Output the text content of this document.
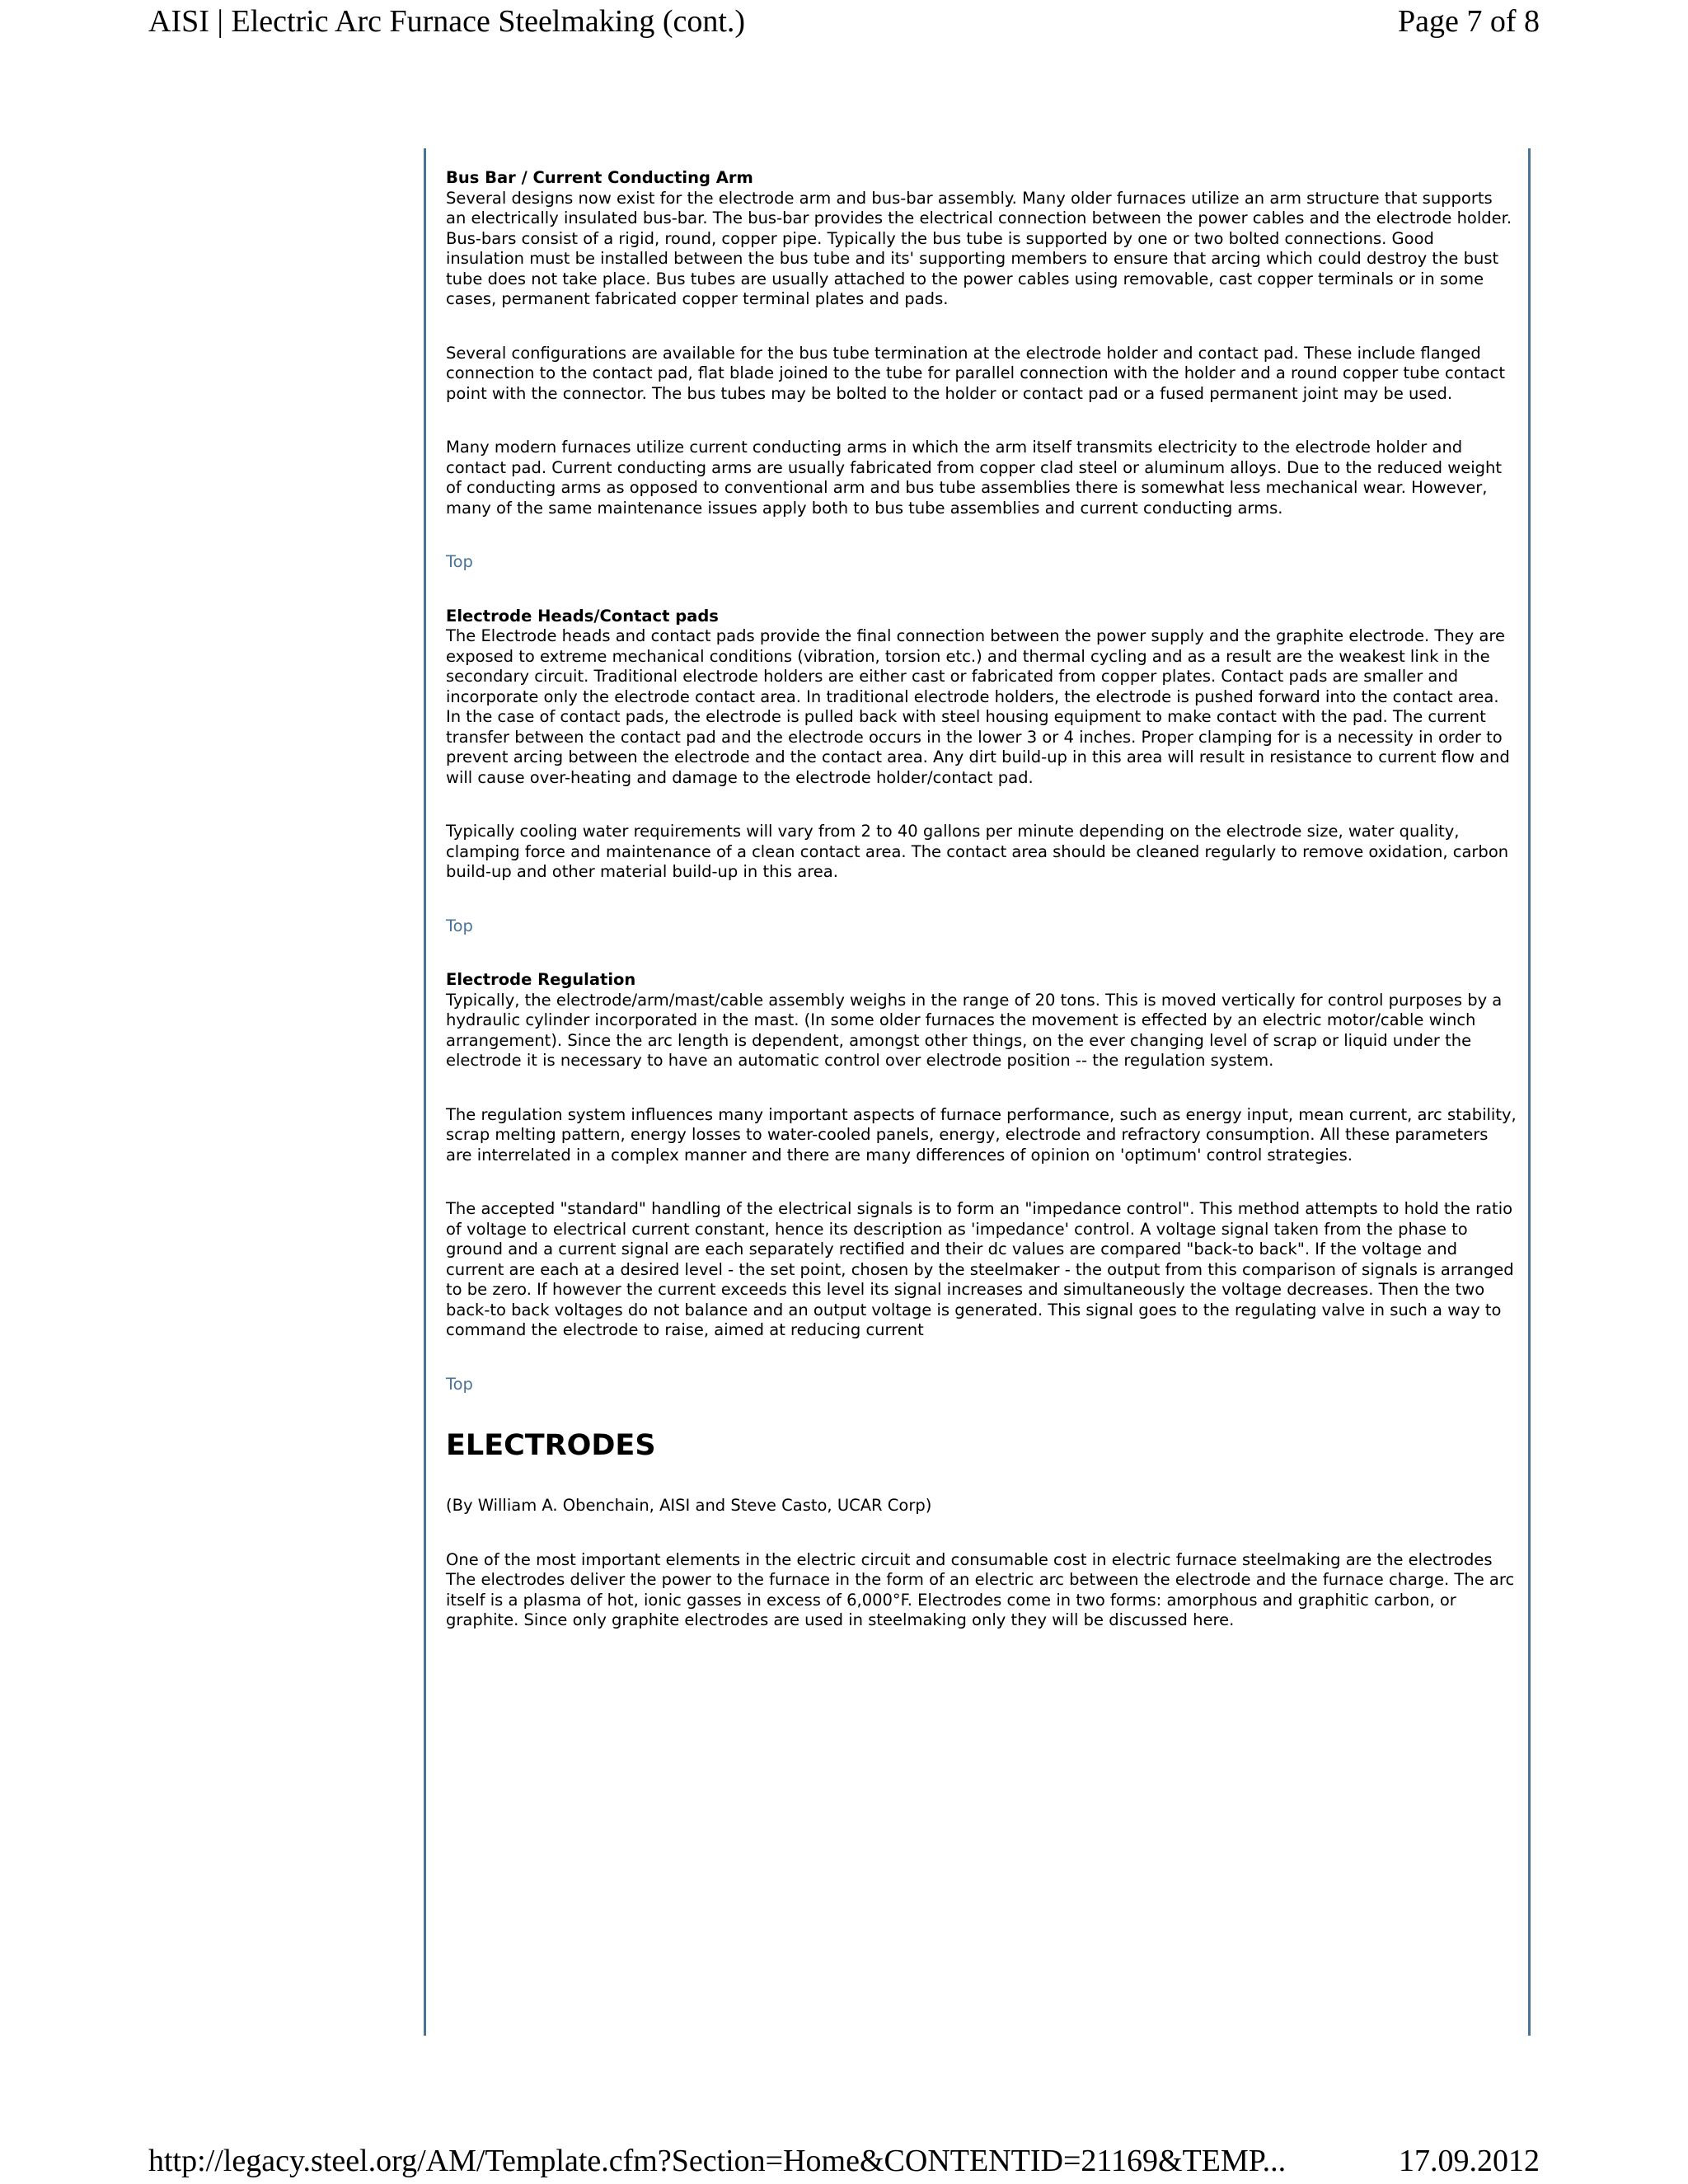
AISI | Electric Arc Furnace Steelmaking (cont.)	Page 7 of 8

Bus Bar / Current Conducting Arm

Several designs now exist for the electrode arm and bus-bar assembly. Many older furnaces utilize an arm structure that supports an electrically insulated bus-bar. The bus-bar provides the electrical connection between the power cables and the electrode holder. Bus-bars consist of a rigid, round, copper pipe. Typically the bus tube is supported by one or two bolted connections. Good insulation must be installed between the bus tube and its' supporting members to ensure that arcing which could destroy the bust tube does not take place. Bus tubes are usually attached to the power cables using removable, cast copper terminals or in some cases, permanent fabricated copper terminal plates and pads.

Several configurations are available for the bus tube termination at the electrode holder and contact pad. These include flanged connection to the contact pad, flat blade joined to the tube for parallel connection with the holder and a round copper tube contact point with the connector. The bus tubes may be bolted to the holder or contact pad or a fused permanent joint may be used.

Many modern furnaces utilize current conducting arms in which the arm itself transmits electricity to the electrode holder and contact pad. Current conducting arms are usually fabricated from copper clad steel or aluminum alloys. Due to the reduced weight of conducting arms as opposed to conventional arm and bus tube assemblies there is somewhat less mechanical wear. However, many of the same maintenance issues apply both to bus tube assemblies and current conducting arms.

Top

Electrode Heads/Contact pads

The Electrode heads and contact pads provide the final connection between the power supply and the graphite electrode. They are exposed to extreme mechanical conditions (vibration, torsion etc.) and thermal cycling and as a result are the weakest link in the secondary circuit. Traditional electrode holders are either cast or fabricated from copper plates. Contact pads are smaller and incorporate only the electrode contact area. In traditional electrode holders, the electrode is pushed forward into the contact area. In the case of contact pads, the electrode is pulled back with steel housing equipment to make contact with the pad. The current transfer between the contact pad and the electrode occurs in the lower 3 or 4 inches. Proper clamping for is a necessity in order to prevent arcing between the electrode and the contact area. Any dirt build-up in this area will result in resistance to current flow and will cause over-heating and damage to the electrode holder/contact pad.

Typically cooling water requirements will vary from 2 to 40 gallons per minute depending on the electrode size, water quality, clamping force and maintenance of a clean contact area. The contact area should be cleaned regularly to remove oxidation, carbon build-up and other material build-up in this area.

Top

Electrode Regulation

Typically, the electrode/arm/mast/cable assembly weighs in the range of 20 tons. This is moved vertically for control purposes by a hydraulic cylinder incorporated in the mast. (In some older furnaces the movement is effected by an electric motor/cable winch arrangement). Since the arc length is dependent, amongst other things, on the ever changing level of scrap or liquid under the electrode it is necessary to have an automatic control over electrode position -- the regulation system.

The regulation system influences many important aspects of furnace performance, such as energy input, mean current, arc stability, scrap melting pattern, energy losses to water-cooled panels, energy, electrode and refractory consumption. All these parameters are interrelated in a complex manner and there are many differences of opinion on 'optimum' control strategies.

The accepted "standard" handling of the electrical signals is to form an "impedance control". This method attempts to hold the ratio of voltage to electrical current constant, hence its description as 'impedance' control. A voltage signal taken from the phase to ground and a current signal are each separately rectified and their dc values are compared "back-to back". If the voltage and current are each at a desired level - the set point, chosen by the steelmaker - the output from this comparison of signals is arranged to be zero. If however the current exceeds this level its signal increases and simultaneously the voltage decreases. Then the two back-to back voltages do not balance and an output voltage is generated. This signal goes to the regulating valve in such a way to command the electrode to raise, aimed at reducing current

Top
ELECTRODES

(By William A. Obenchain, AISI and Steve Casto, UCAR Corp)

One of the most important elements in the electric circuit and consumable cost in electric furnace steelmaking are the electrodes The electrodes deliver the power to the furnace in the form of an electric arc between the electrode and the furnace charge. The arc itself is a plasma of hot, ionic gasses in excess of 6,000°F. Electrodes come in two forms: amorphous and graphitic carbon, or graphite. Since only graphite electrodes are used in steelmaking only they will be discussed here.

http://legacy.steel.org/AM/Template.cfm?Section=Home&CONTENTID=21169&TEMP...	17.09.2012
